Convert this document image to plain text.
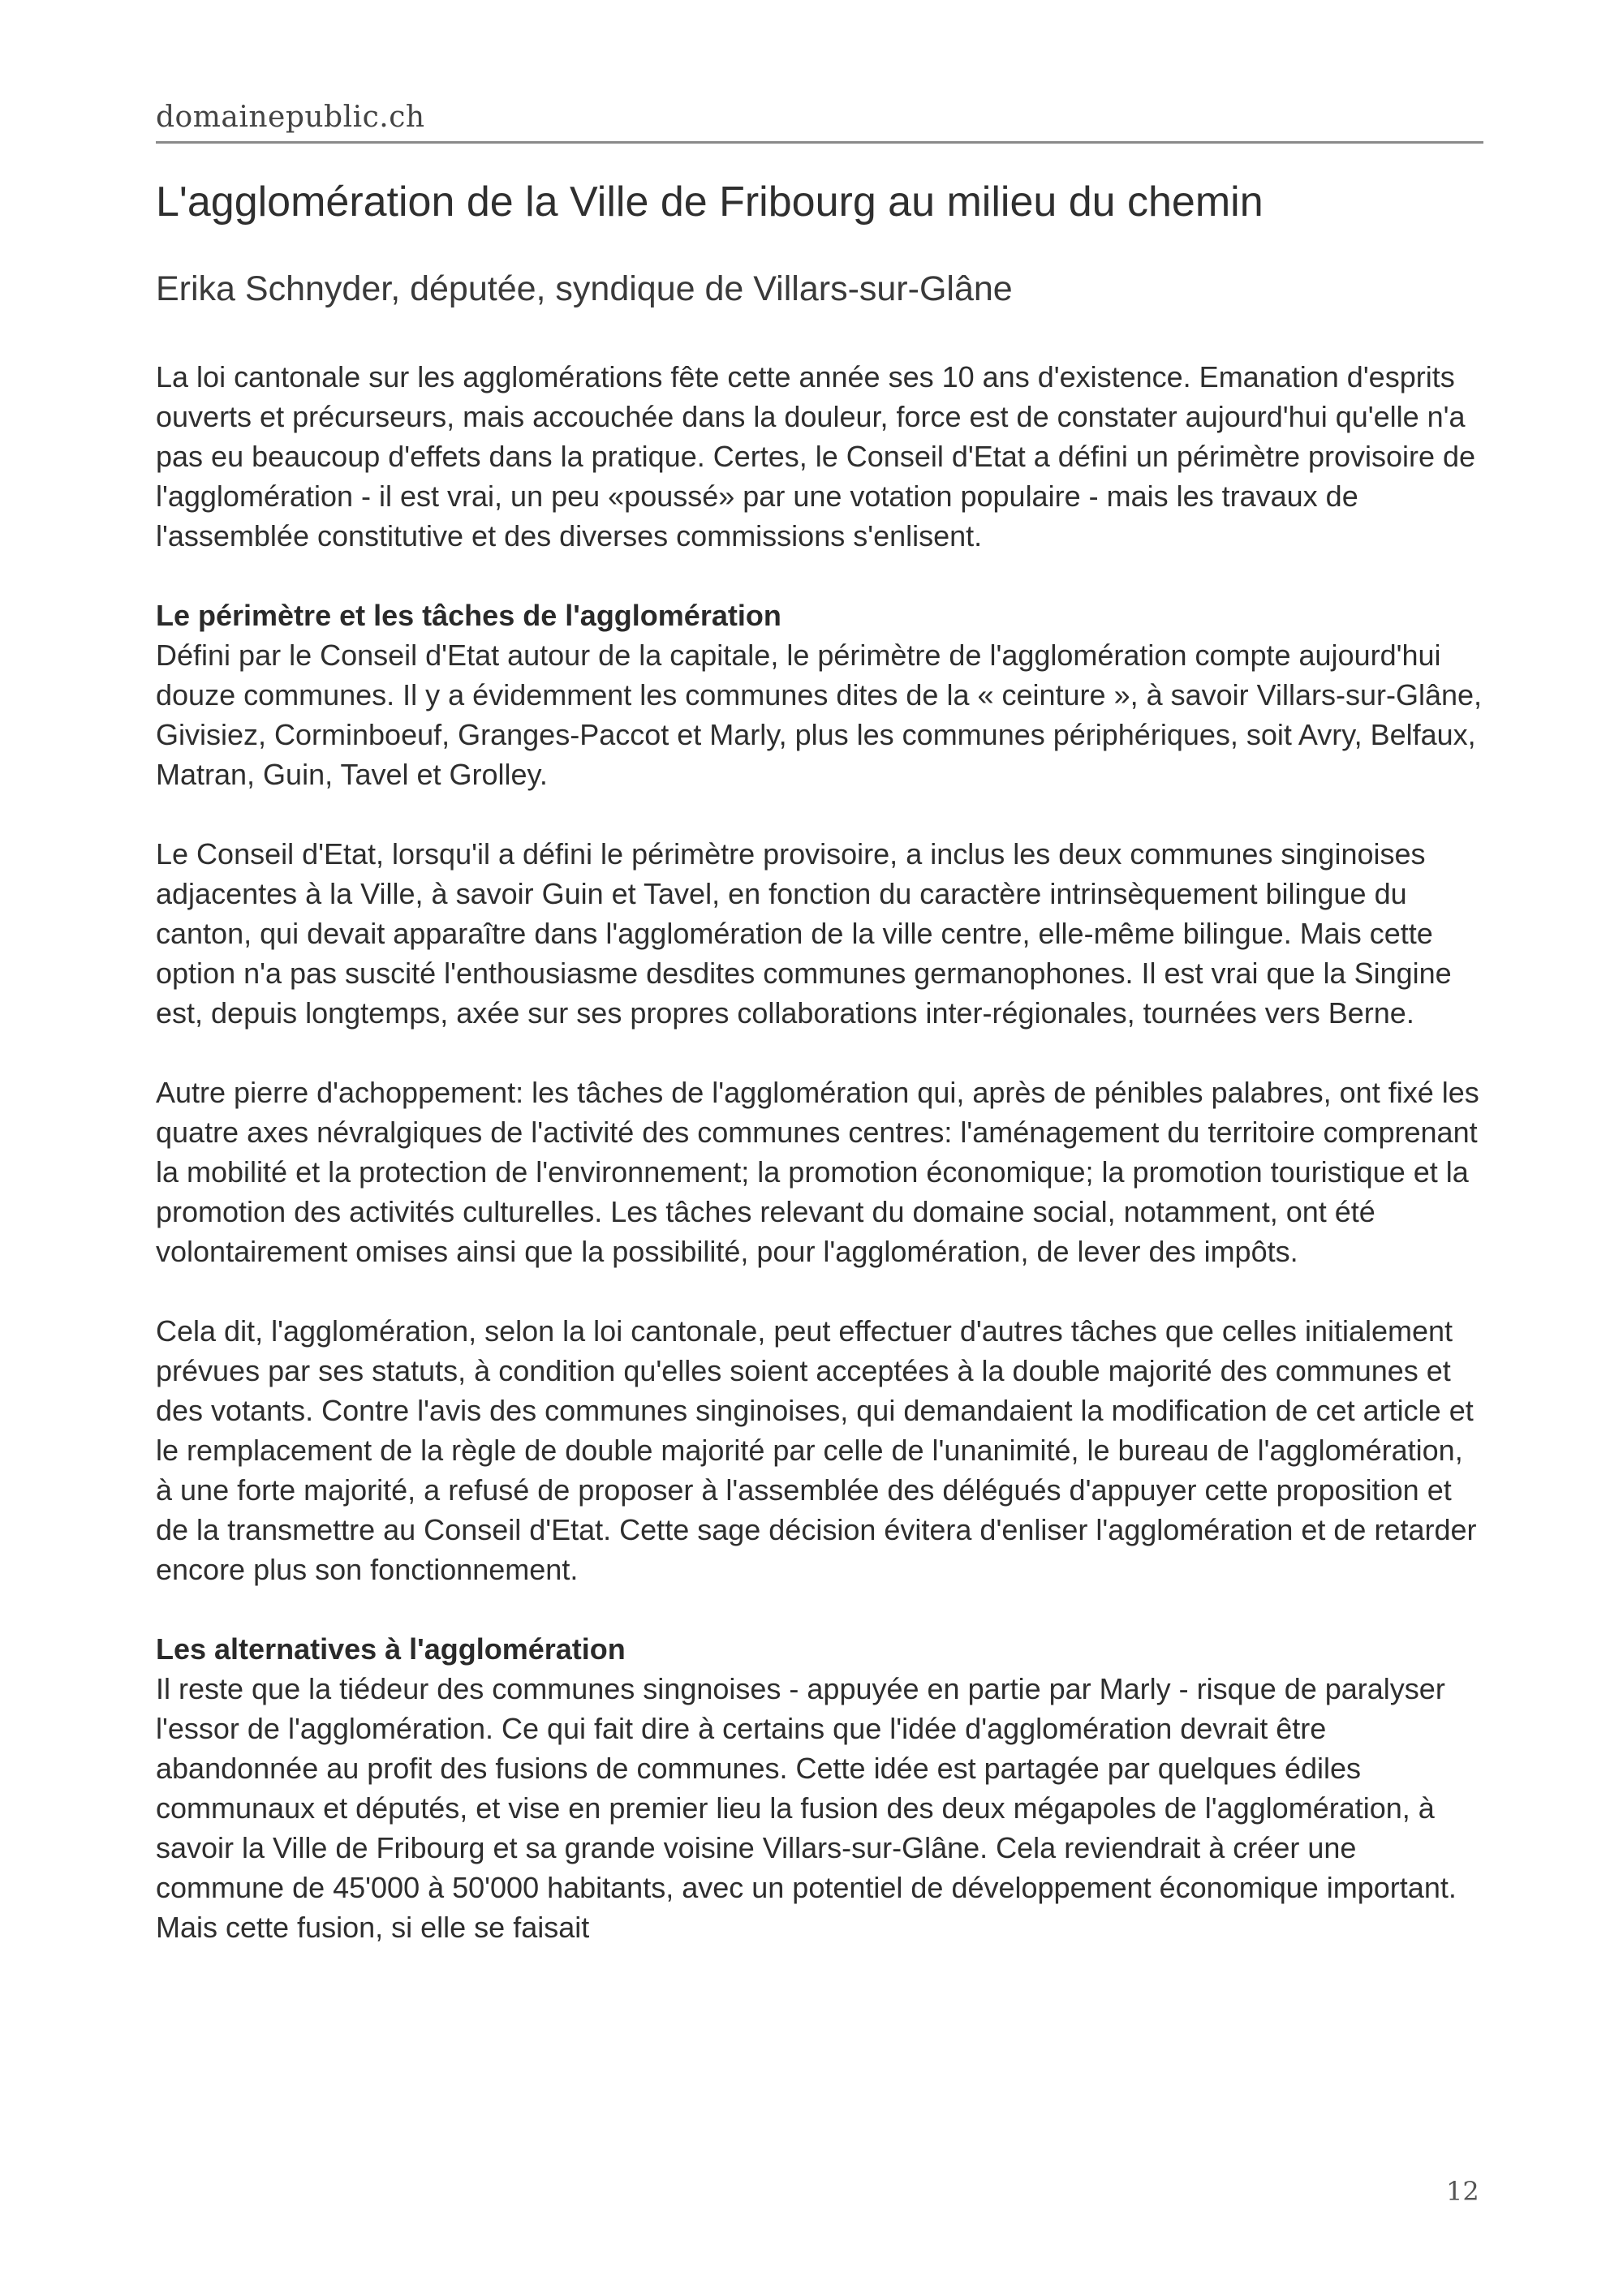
domainepublic.ch
L'agglomération de la Ville de Fribourg au milieu du chemin
Erika Schnyder, députée, syndique de Villars-sur-Glâne

La loi cantonale sur les agglomérations fête cette année ses 10 ans d'existence. Emanation d'esprits ouverts et précurseurs, mais accouchée dans la douleur, force est de constater aujourd'hui qu'elle n'a pas eu beaucoup d'effets dans la pratique. Certes, le Conseil d'Etat a défini un périmètre provisoire de l'agglomération - il est vrai, un peu «poussé» par une votation populaire - mais les travaux de l'assemblée constitutive et des diverses commissions s'enlisent.

Le périmètre et les tâches de l'agglomération

Défini par le Conseil d'Etat autour de la capitale, le périmètre de l'agglomération compte aujourd'hui douze communes. Il y a évidemment les communes dites de la « ceinture », à savoir Villars-sur-Glâne, Givisiez, Corminboeuf, Granges-Paccot et Marly, plus les communes périphériques, soit Avry, Belfaux, Matran, Guin, Tavel et Grolley.

Le Conseil d'Etat, lorsqu'il a défini le périmètre provisoire, a inclus les deux communes singinoises adjacentes à la Ville, à savoir Guin et Tavel, en fonction du caractère intrinsèquement bilingue du canton, qui devait apparaître dans l'agglomération de la ville centre, elle-même bilingue. Mais cette option n'a pas suscité l'enthousiasme desdites communes germanophones. Il est vrai que la Singine est, depuis longtemps, axée sur ses propres collaborations inter-régionales, tournées vers Berne.

Autre pierre d'achoppement: les tâches de l'agglomération qui, après de pénibles palabres, ont fixé les quatre axes névralgiques de l'activité des communes centres: l'aménagement du territoire comprenant la mobilité et la protection de l'environnement; la promotion économique; la promotion touristique et la promotion des activités culturelles. Les tâches relevant du domaine social, notamment, ont été volontairement omises ainsi que la possibilité, pour l'agglomération, de lever des impôts.

Cela dit, l'agglomération, selon la loi cantonale, peut effectuer d'autres tâches que celles initialement prévues par ses statuts, à condition qu'elles soient acceptées à la double majorité des communes et des votants. Contre l'avis des communes singinoises, qui demandaient la modification de cet article et le remplacement de la règle de double majorité par celle de l'unanimité, le bureau de l'agglomération, à une forte majorité, a refusé de proposer à l'assemblée des délégués d'appuyer cette proposition et de la transmettre au Conseil d'Etat. Cette sage décision évitera d'enliser l'agglomération et de retarder encore plus son fonctionnement.

Les alternatives à l'agglomération

Il reste que la tiédeur des communes singnoises - appuyée en partie par Marly - risque de paralyser l'essor de l'agglomération. Ce qui fait dire à certains que l'idée d'agglomération devrait être abandonnée au profit des fusions de communes. Cette idée est partagée par quelques édiles communaux et députés, et vise en premier lieu la fusion des deux mégapoles de l'agglomération, à savoir la Ville de Fribourg et sa grande voisine Villars-sur-Glâne. Cela reviendrait à créer une commune de 45'000 à 50'000 habitants, avec un potentiel de développement économique important. Mais cette fusion, si elle se faisait

12
